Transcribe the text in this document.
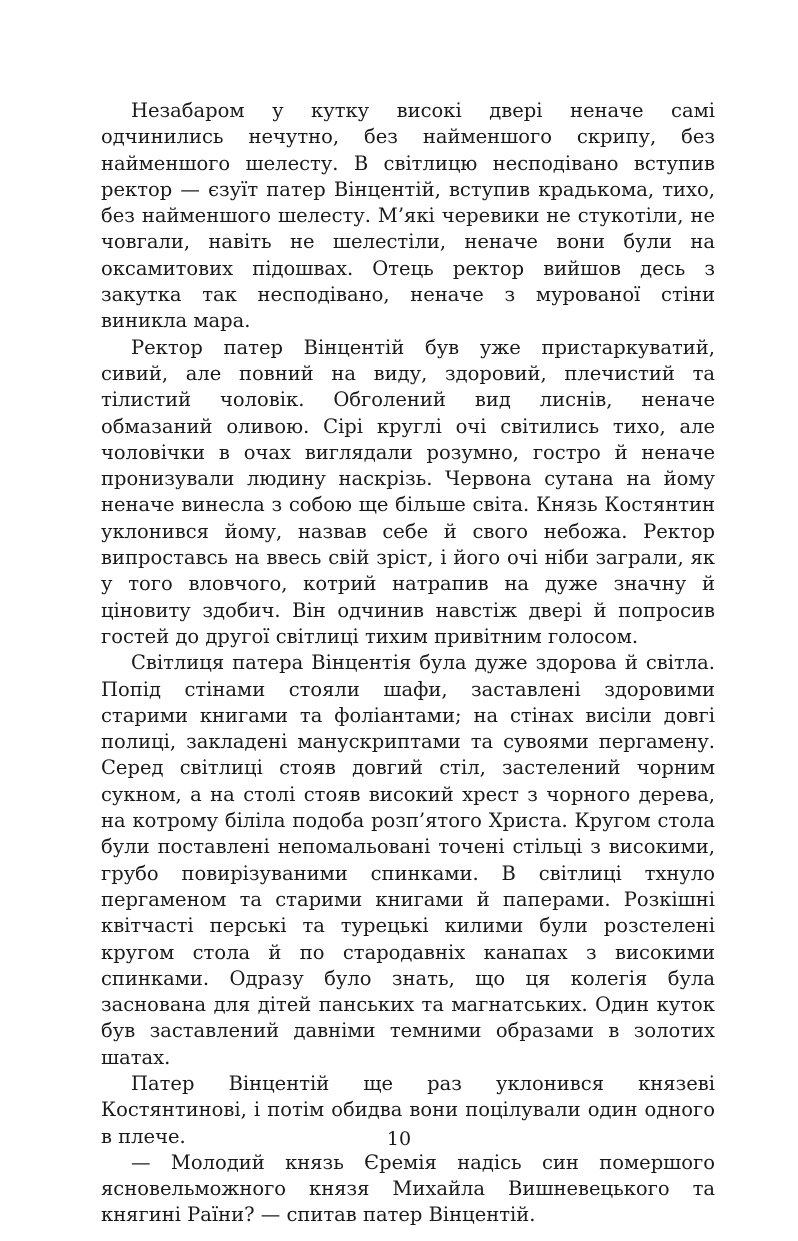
Незабаром у кутку високі двері неначе самі одчинились нечутно, без найменшого скрипу, без найменшого шелесту. В світлицю несподівано вступив ректор — єзуїт патер Вінцентій, вступив крадькома, тихо, без найменшого шелесту. М’які черевики не стукотіли, не човгали, навіть не шелестіли, неначе вони були на оксамитових підошвах. Отець ректор вийшов десь з закутка так несподівано, неначе з мурованої стіни виникла мара.

Ректор патер Вінцентій був уже пристаркуватий, сивий, але повний на виду, здоровий, плечистий та тілистий чоловік. Обголений вид лиснів, неначе обмазаний оливою. Сірі круглі очі світились тихо, але чоловічки в очах виглядали розумно, гостро й неначе пронизували людину наскрізь. Червона сутана на йому неначе винесла з собою ще більше світа. Князь Костянтин уклонився йому, назвав себе й свого небожа. Ректор випроставсь на ввесь свій зріст, і його очі ніби заграли, як у того вловчого, котрий натрапив на дуже значну й ціновиту здобич. Він одчинив навстіж двері й попросив гостей до другої світлиці тихим привітним голосом.

Світлиця патера Вінцентія була дуже здорова й світла. Попід стінами стояли шафи, заставлені здоровими старими книгами та фоліантами; на стінах висіли довгі полиці, закладені манускриптами та сувоями пергамену. Серед світлиці стояв довгий стіл, застелений чорним сукном, а на столі стояв високий хрест з чорного дерева, на котрому біліла подоба розп’ятого Христа. Кругом стола були поставлені непомальовані точені стільці з високими, грубо повирізуваними спинками. В світлиці тхнуло пергаменом та старими книгами й паперами. Розкішні квітчасті перські та турецькі килими були розстелені кругом стола й по стародавніх канапах з високими спинками. Одразу було знать, що ця колегія була заснована для дітей панських та магнатських. Один куток був заставлений давніми темними образами в золотих шатах.

Патер Вінцентій ще раз уклонився князеві Костянтинові, і потім обидва вони поцілували один одного в плече.

— Молодий князь Єремія надісь син помершого ясновельможного князя Михайла Вишневецького та княгині Раїни? — спитав патер Вінцентій.

10
